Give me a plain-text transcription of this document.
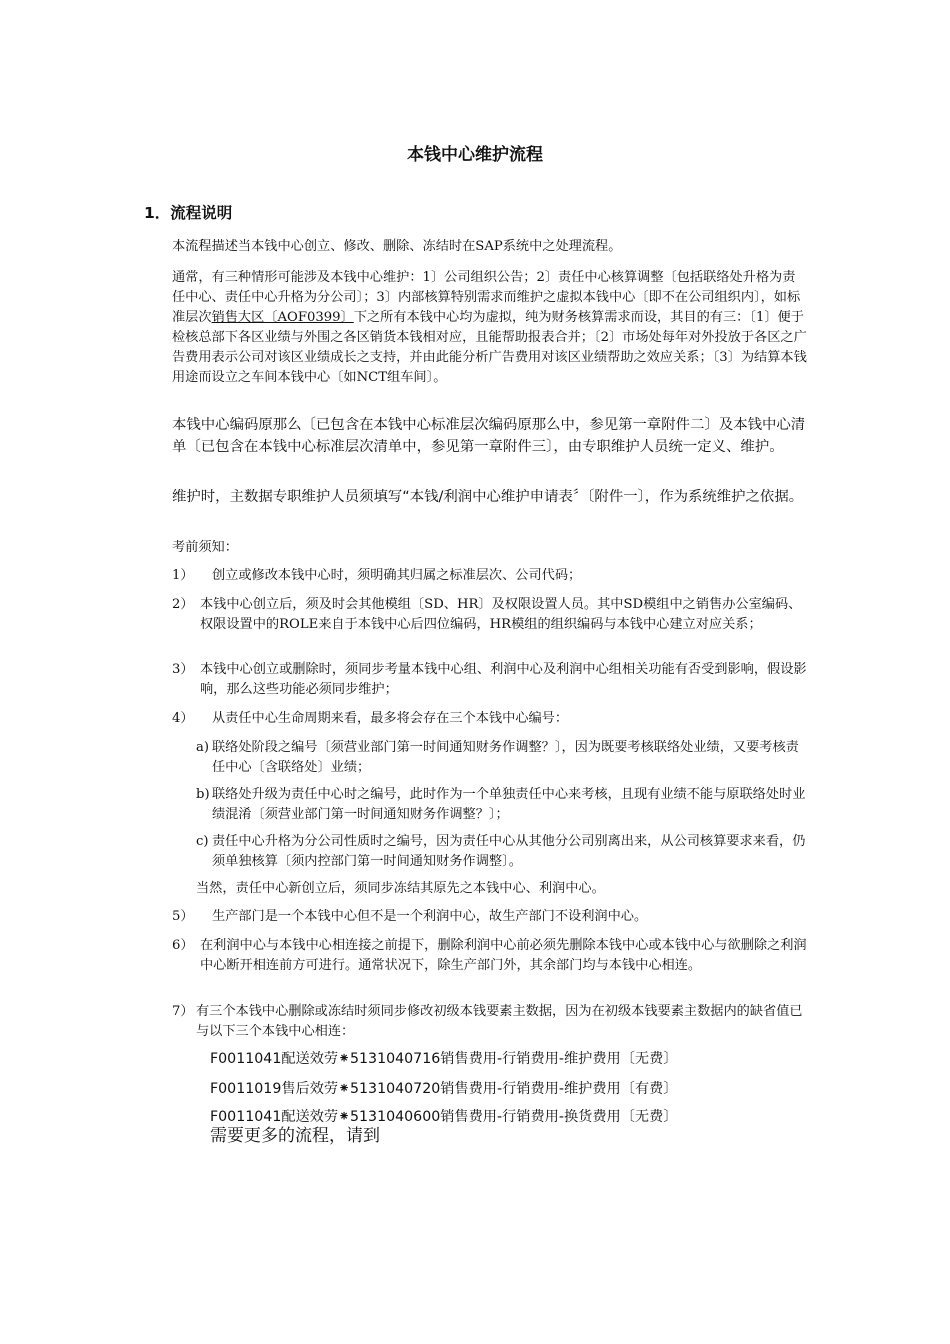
本钱中心维护流程
1．流程说明
本流程描述当本钱中心创立、修改、删除、冻结时在SAP系统中之处理流程。
通常，有三种情形可能涉及本钱中心维护：1〕公司组织公告；2〕责任中心核算调整〔包括联络处升格为责任中心、责任中心升格为分公司〕；3〕内部核算特别需求而维护之虚拟本钱中心〔即不在公司组织内〕，如标准层次销售大区〔AOF0399〕下之所有本钱中心均为虚拟，纯为财务核算需求而设，其目的有三：〔1〕便于检核总部下各区业绩与外围之各区销货本钱相对应，且能帮助报表合并；〔2〕市场处每年对外投放于各区之广告费用表示公司对该区业绩成长之支持，并由此能分析广告费用对该区业绩帮助之效应关系；〔3〕为结算本钱用途而设立之车间本钱中心〔如NCT组车间〕。
本钱中心编码原那么〔已包含在本钱中心标准层次编码原那么中，参见第一章附件二〕及本钱中心清单〔已包含在本钱中心标准层次清单中，参见第一章附件三〕，由专职维护人员统一定义、维护。
维护时，主数据专职维护人员须填写“本钱/利润中心维护申请表〞〔附件一〕，作为系统维护之依据。
考前须知：
1）	创立或修改本钱中心时，须明确其归属之标准层次、公司代码；
2） 本钱中心创立后，须及时会其他模组〔SD、HR〕及权限设置人员。其中SD模组中之销售办公室编码、权限设置中的ROLE来自于本钱中心后四位编码，HR模组的组织编码与本钱中心建立对应关系；
3） 本钱中心创立或删除时，须同步考量本钱中心组、利润中心及利润中心组相关功能有否受到影响，假设影响，那么这些功能必须同步维护；
4）	从责任中心生命周期来看，最多将会存在三个本钱中心编号：
a) 联络处阶段之编号〔须营业部门第一时间通知财务作调整？〕，因为既要考核联络处业绩，又要考核责任中心〔含联络处〕业绩；
b) 联络处升级为责任中心时之编号，此时作为一个单独责任中心来考核，且现有业绩不能与原联络处时业绩混淆〔须营业部门第一时间通知财务作调整？〕；
c) 责任中心升格为分公司性质时之编号，因为责任中心从其他分公司别离出来，从公司核算要求来看，仍须单独核算〔须内控部门第一时间通知财务作调整〕。
当然，责任中心新创立后，须同步冻结其原先之本钱中心、利润中心。
5）	生产部门是一个本钱中心但不是一个利润中心，故生产部门不设利润中心。
6） 在利润中心与本钱中心相连接之前提下，删除利润中心前必须先删除本钱中心或本钱中心与欲删除之利润中心断开相连前方可进行。通常状况下，除生产部门外，其余部门均与本钱中心相连。
7） 有三个本钱中心删除或冻结时须同步修改初级本钱要素主数据，因为在初级本钱要素主数据内的缺省值已与以下三个本钱中心相连：
F0011041配送效劳⁕5131040716销售费用-行销费用-维护费用〔无费〕
F0011019售后效劳⁕5131040720销售费用-行销费用-维护费用〔有费〕
F0011041配送效劳⁕5131040600销售费用-行销费用-换货费用〔无费〕
需要更多的流程，请到
